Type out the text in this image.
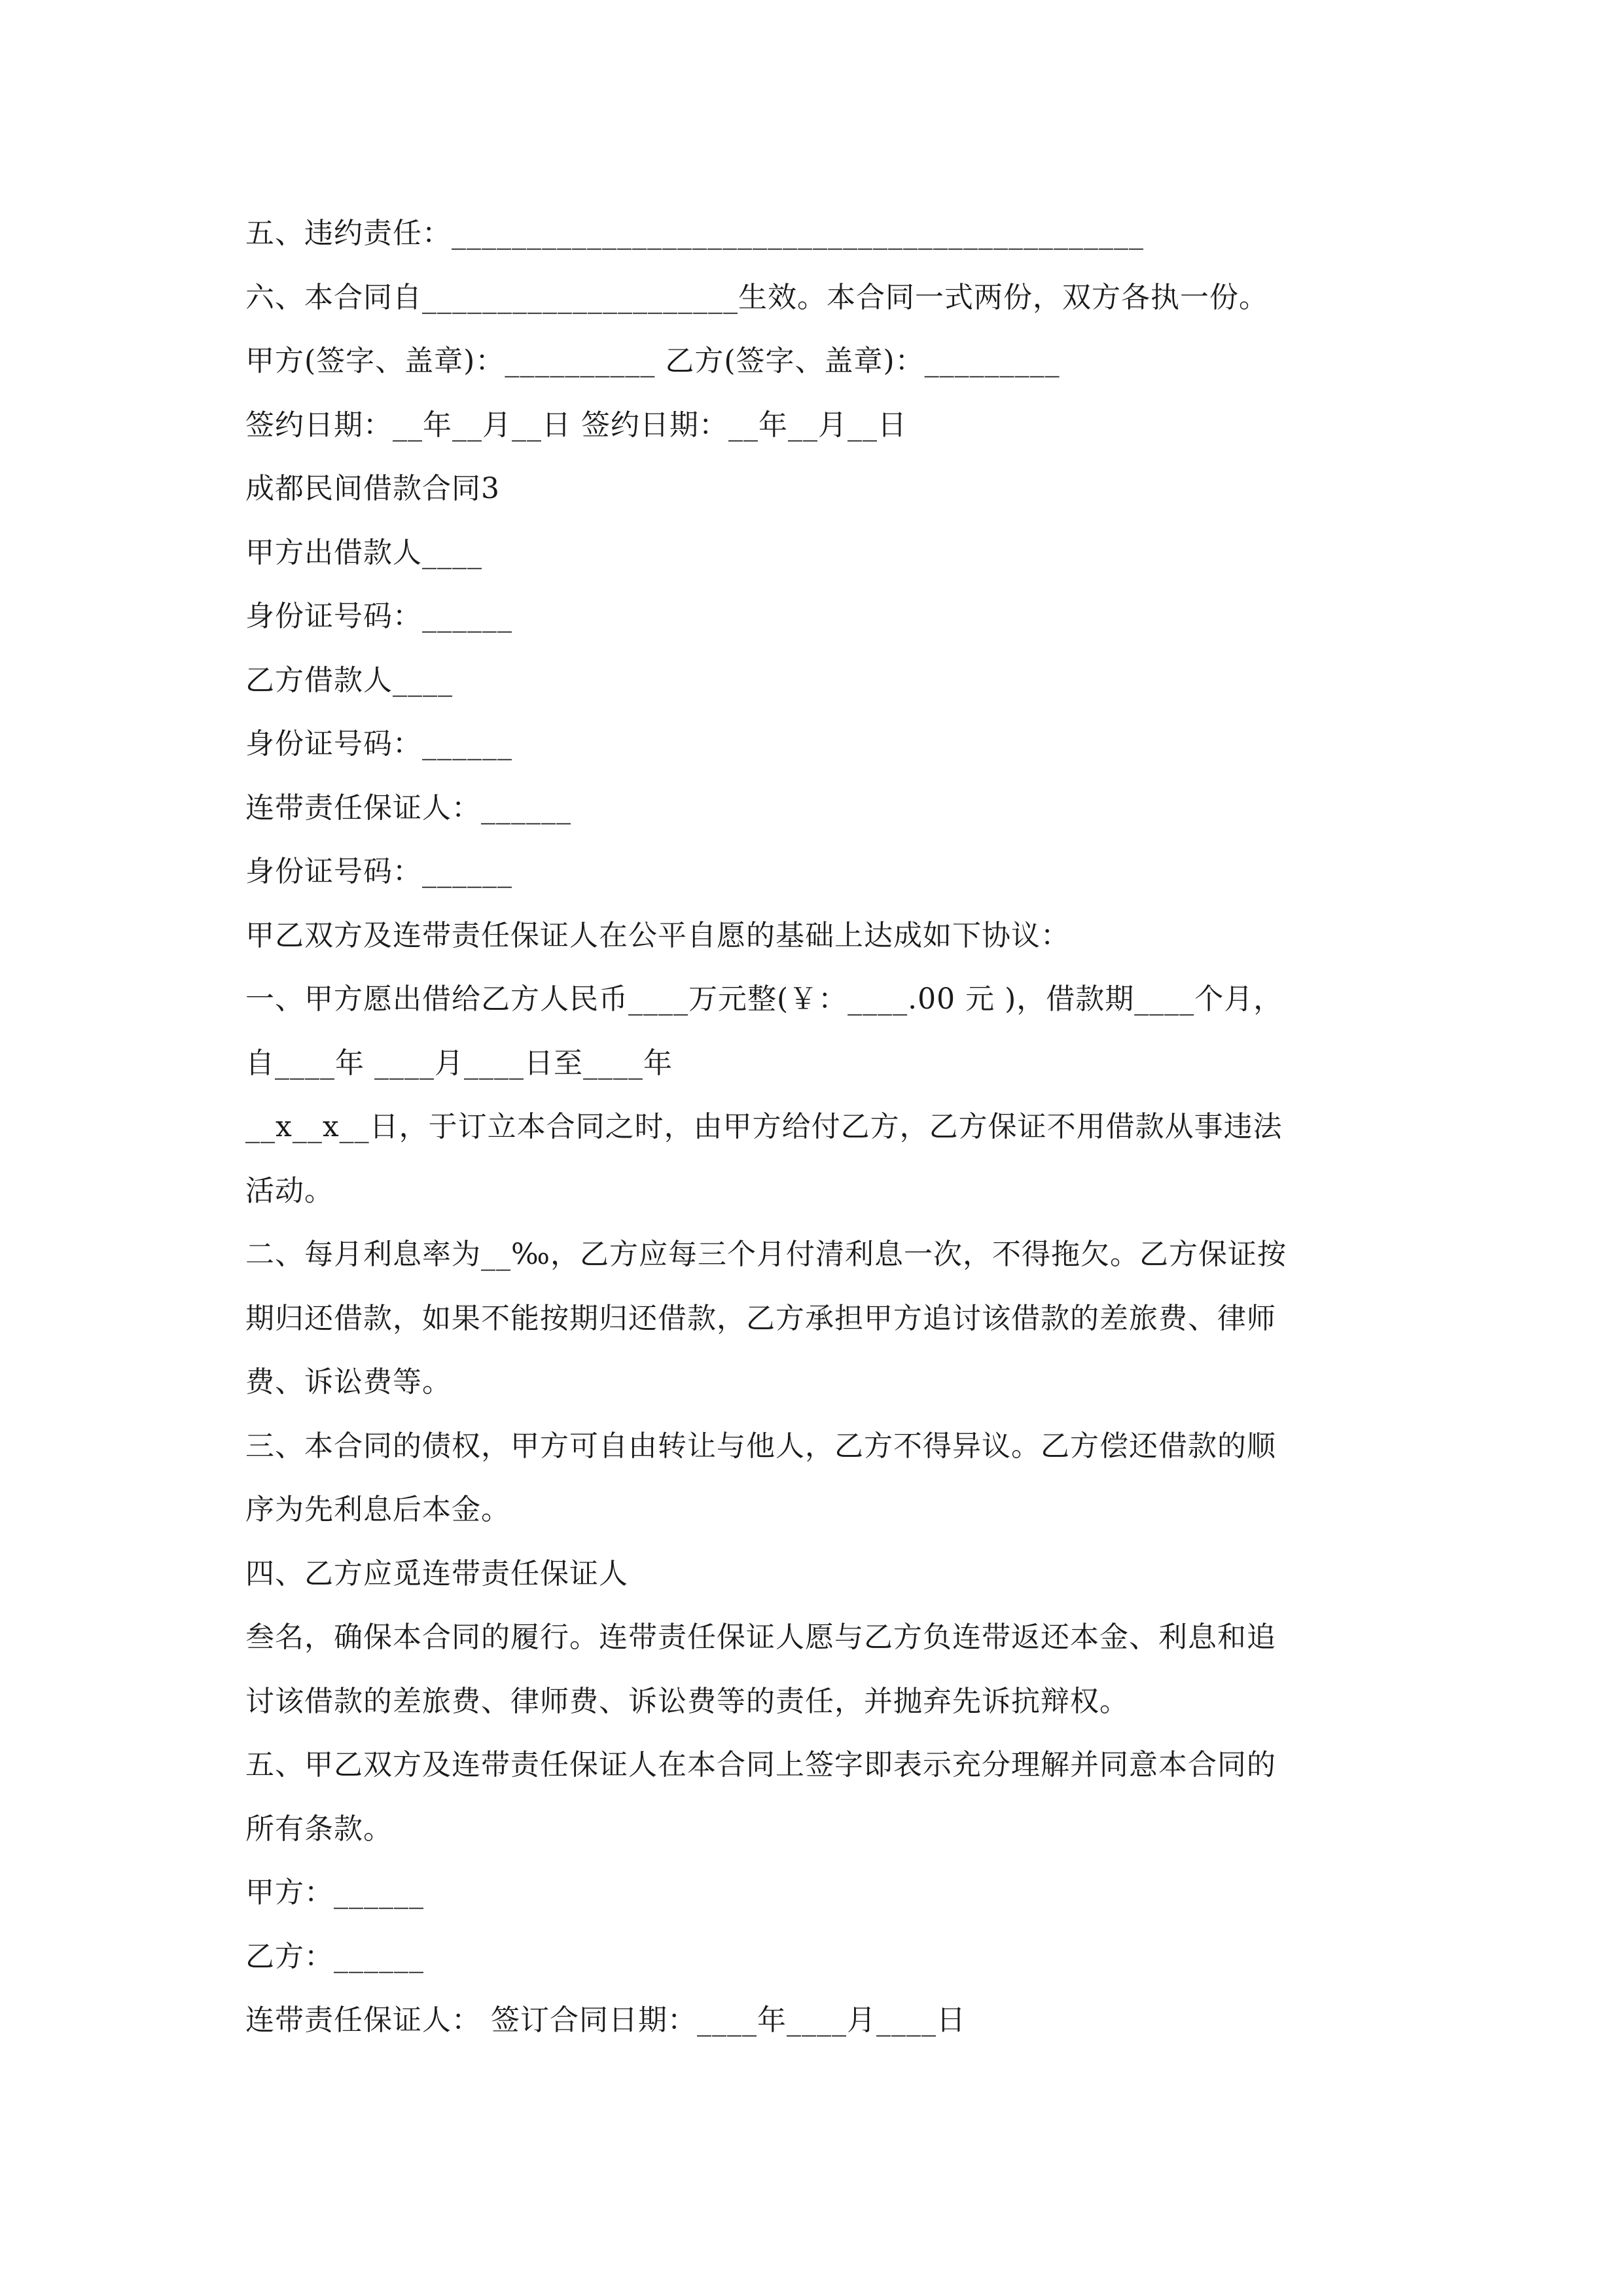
五、违约责任：______________________________________________
六、本合同自_____________________生效。本合同一式两份，双方各执一份。
甲方(签字、盖章)：__________ 乙方(签字、盖章)：_________
签约日期：__年__月__日 签约日期：__年__月__日
成都民间借款合同3
甲方出借款人____
身份证号码：______
乙方借款人____
身份证号码：______
连带责任保证人：______
身份证号码：______
甲乙双方及连带责任保证人在公平自愿的基础上达成如下协议：
一、甲方愿出借给乙方人民币____万元整(￥：____.00 元 )，借款期____个月，
自____年 ____月____日至____年
__x__x__日，于订立本合同之时，由甲方给付乙方，乙方保证不用借款从事违法
活动。
二、每月利息率为__‰，乙方应每三个月付清利息一次，不得拖欠。乙方保证按
期归还借款，如果不能按期归还借款，乙方承担甲方追讨该借款的差旅费、律师
费、诉讼费等。
三、本合同的债权，甲方可自由转让与他人，乙方不得异议。乙方偿还借款的顺
序为先利息后本金。
四、乙方应觅连带责任保证人
叁名，确保本合同的履行。连带责任保证人愿与乙方负连带返还本金、利息和追
讨该借款的差旅费、律师费、诉讼费等的责任，并抛弃先诉抗辩权。
五、甲乙双方及连带责任保证人在本合同上签字即表示充分理解并同意本合同的
所有条款。
甲方：______
乙方：______
连带责任保证人： 签订合同日期：____年____月____日
